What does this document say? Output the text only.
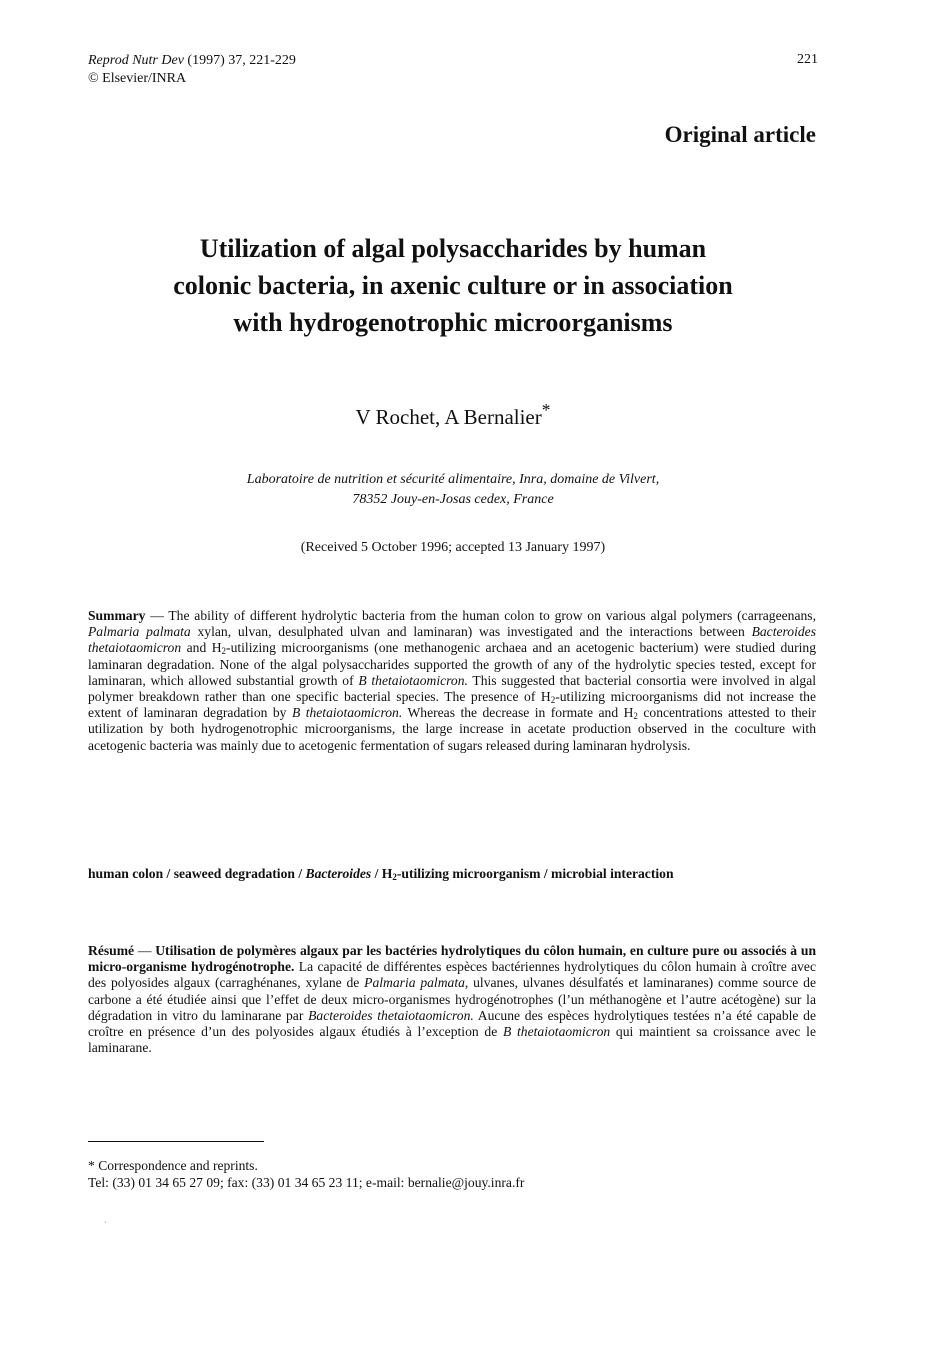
Reprod Nutr Dev (1997) 37, 221-229
© Elsevier/INRA
221
Original article
Utilization of algal polysaccharides by human
colonic bacteria, in axenic culture or in association
with hydrogenotrophic microorganisms
V Rochet, A Bernalier*
Laboratoire de nutrition et sécurité alimentaire, Inra, domaine de Vilvert,
78352 Jouy-en-Josas cedex, France
(Received 5 October 1996; accepted 13 January 1997)
Summary — The ability of different hydrolytic bacteria from the human colon to grow on various algal polymers (carrageenans, Palmaria palmata xylan, ulvan, desulphated ulvan and laminaran) was investigated and the interactions between Bacteroides thetaiotaomicron and $H_2$-utilizing microorganisms (one methanogenic archaea and an acetogenic bacterium) were studied during laminaran degradation. None of the algal polysaccharides supported the growth of any of the hydrolytic species tested, except for laminaran, which allowed substantial growth of B thetaiotaomicron. This suggested that bacterial consortia were involved in algal polymer breakdown rather than one specific bacterial species. The presence of $H_2$-utilizing microorganisms did not increase the extent of laminaran degradation by B thetaiotaomicron. Whereas the decrease in formate and $H_2$ concentrations attested to their utilization by both hydrogenotrophic microorganisms, the large increase in acetate production observed in the coculture with acetogenic bacteria was mainly due to acetogenic fermentation of sugars released during laminaran hydrolysis.
human colon / seaweed degradation / Bacteroides / $H_2$-utilizing microorganism / microbial interaction
Résumé — Utilisation de polymères algaux par les bactéries hydrolytiques du côlon humain, en culture pure ou associés à un micro-organisme hydrogénotrophe. La capacité de différentes espèces bactériennes hydrolytiques du côlon humain à croître avec des polyosides algaux (carraghénanes, xylane de Palmaria palmata, ulvanes, ulvanes désulfatés et laminaranes) comme source de carbone a été étudiée ainsi que l’effet de deux micro-organismes hydrogénotrophes (l’un méthanogène et l’autre acétogène) sur la dégradation in vitro du laminarane par Bacteroides thetaiotaomicron. Aucune des espèces hydrolytiques testées n’a été capable de croître en présence d’un des polyosides algaux étudiés à l’exception de B thetaiotaomicron qui maintient sa croissance avec le laminarane.
* Correspondence and reprints.
Tel: (33) 01 34 65 27 09; fax: (33) 01 34 65 23 11; e-mail: bernalie@jouy.inra.fr
·
